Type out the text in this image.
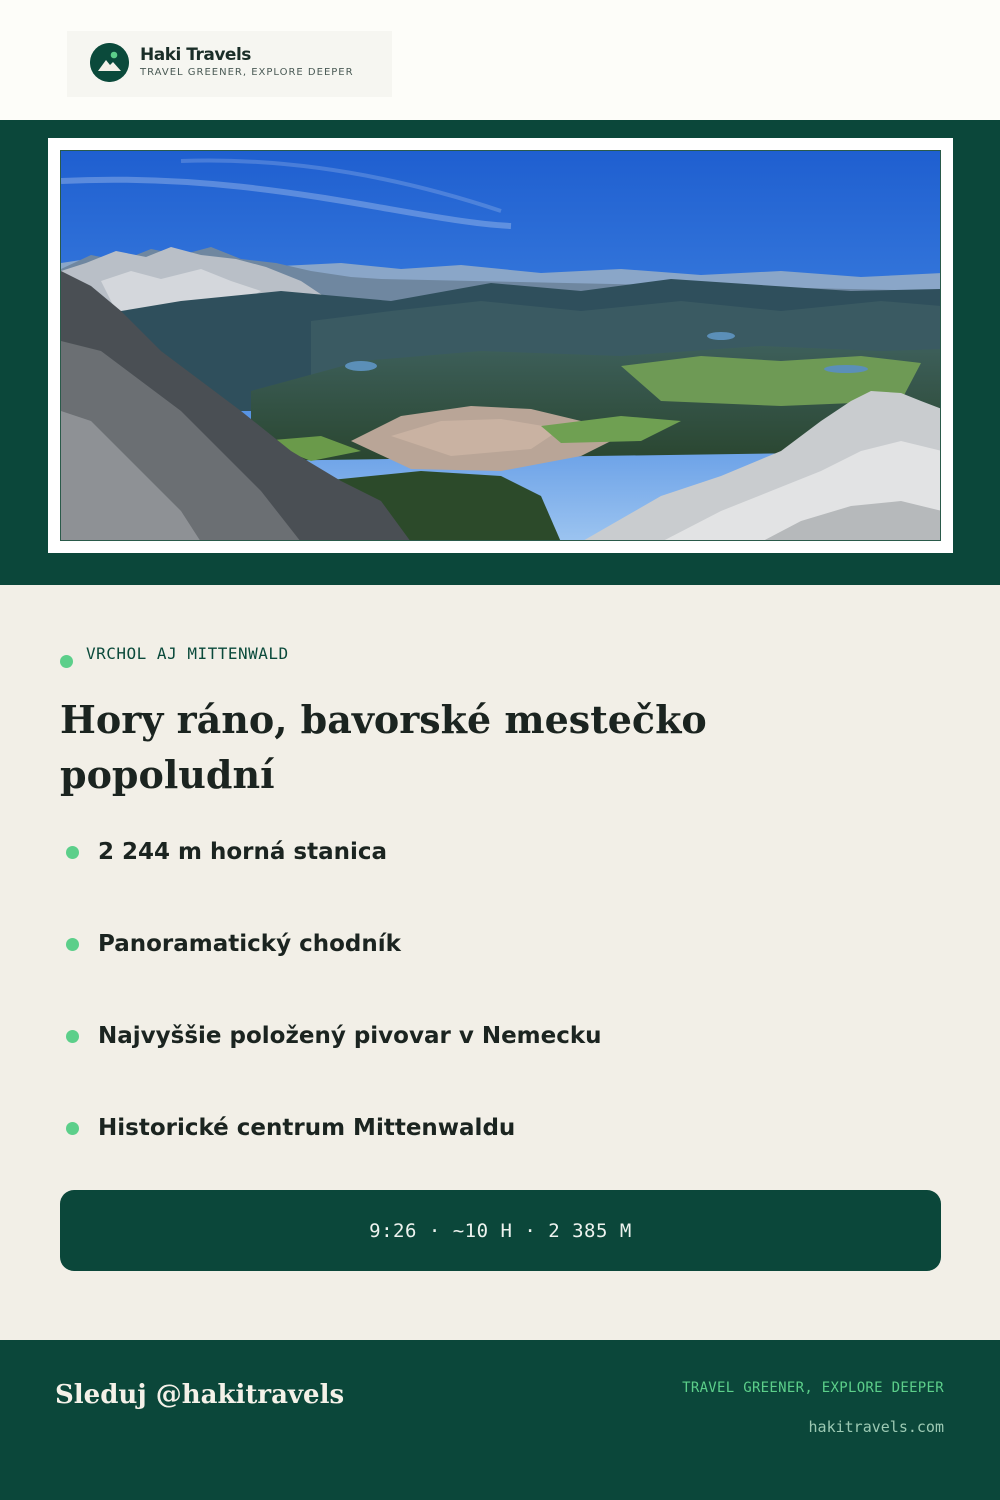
Haki Travels
TRAVEL GREENER, EXPLORE DEEPER
VRCHOL AJ MITTENWALD
Hory ráno, bavorské mestečko popoludní
2 244 m horná stanica
Panoramatický chodník
Najvyššie položený pivovar v Nemecku
Historické centrum Mittenwaldu
9:26 · ~10 H · 2 385 M
Sleduj @hakitravels	TRAVEL GREENER, EXPLORE DEEPER
hakitravels.com
